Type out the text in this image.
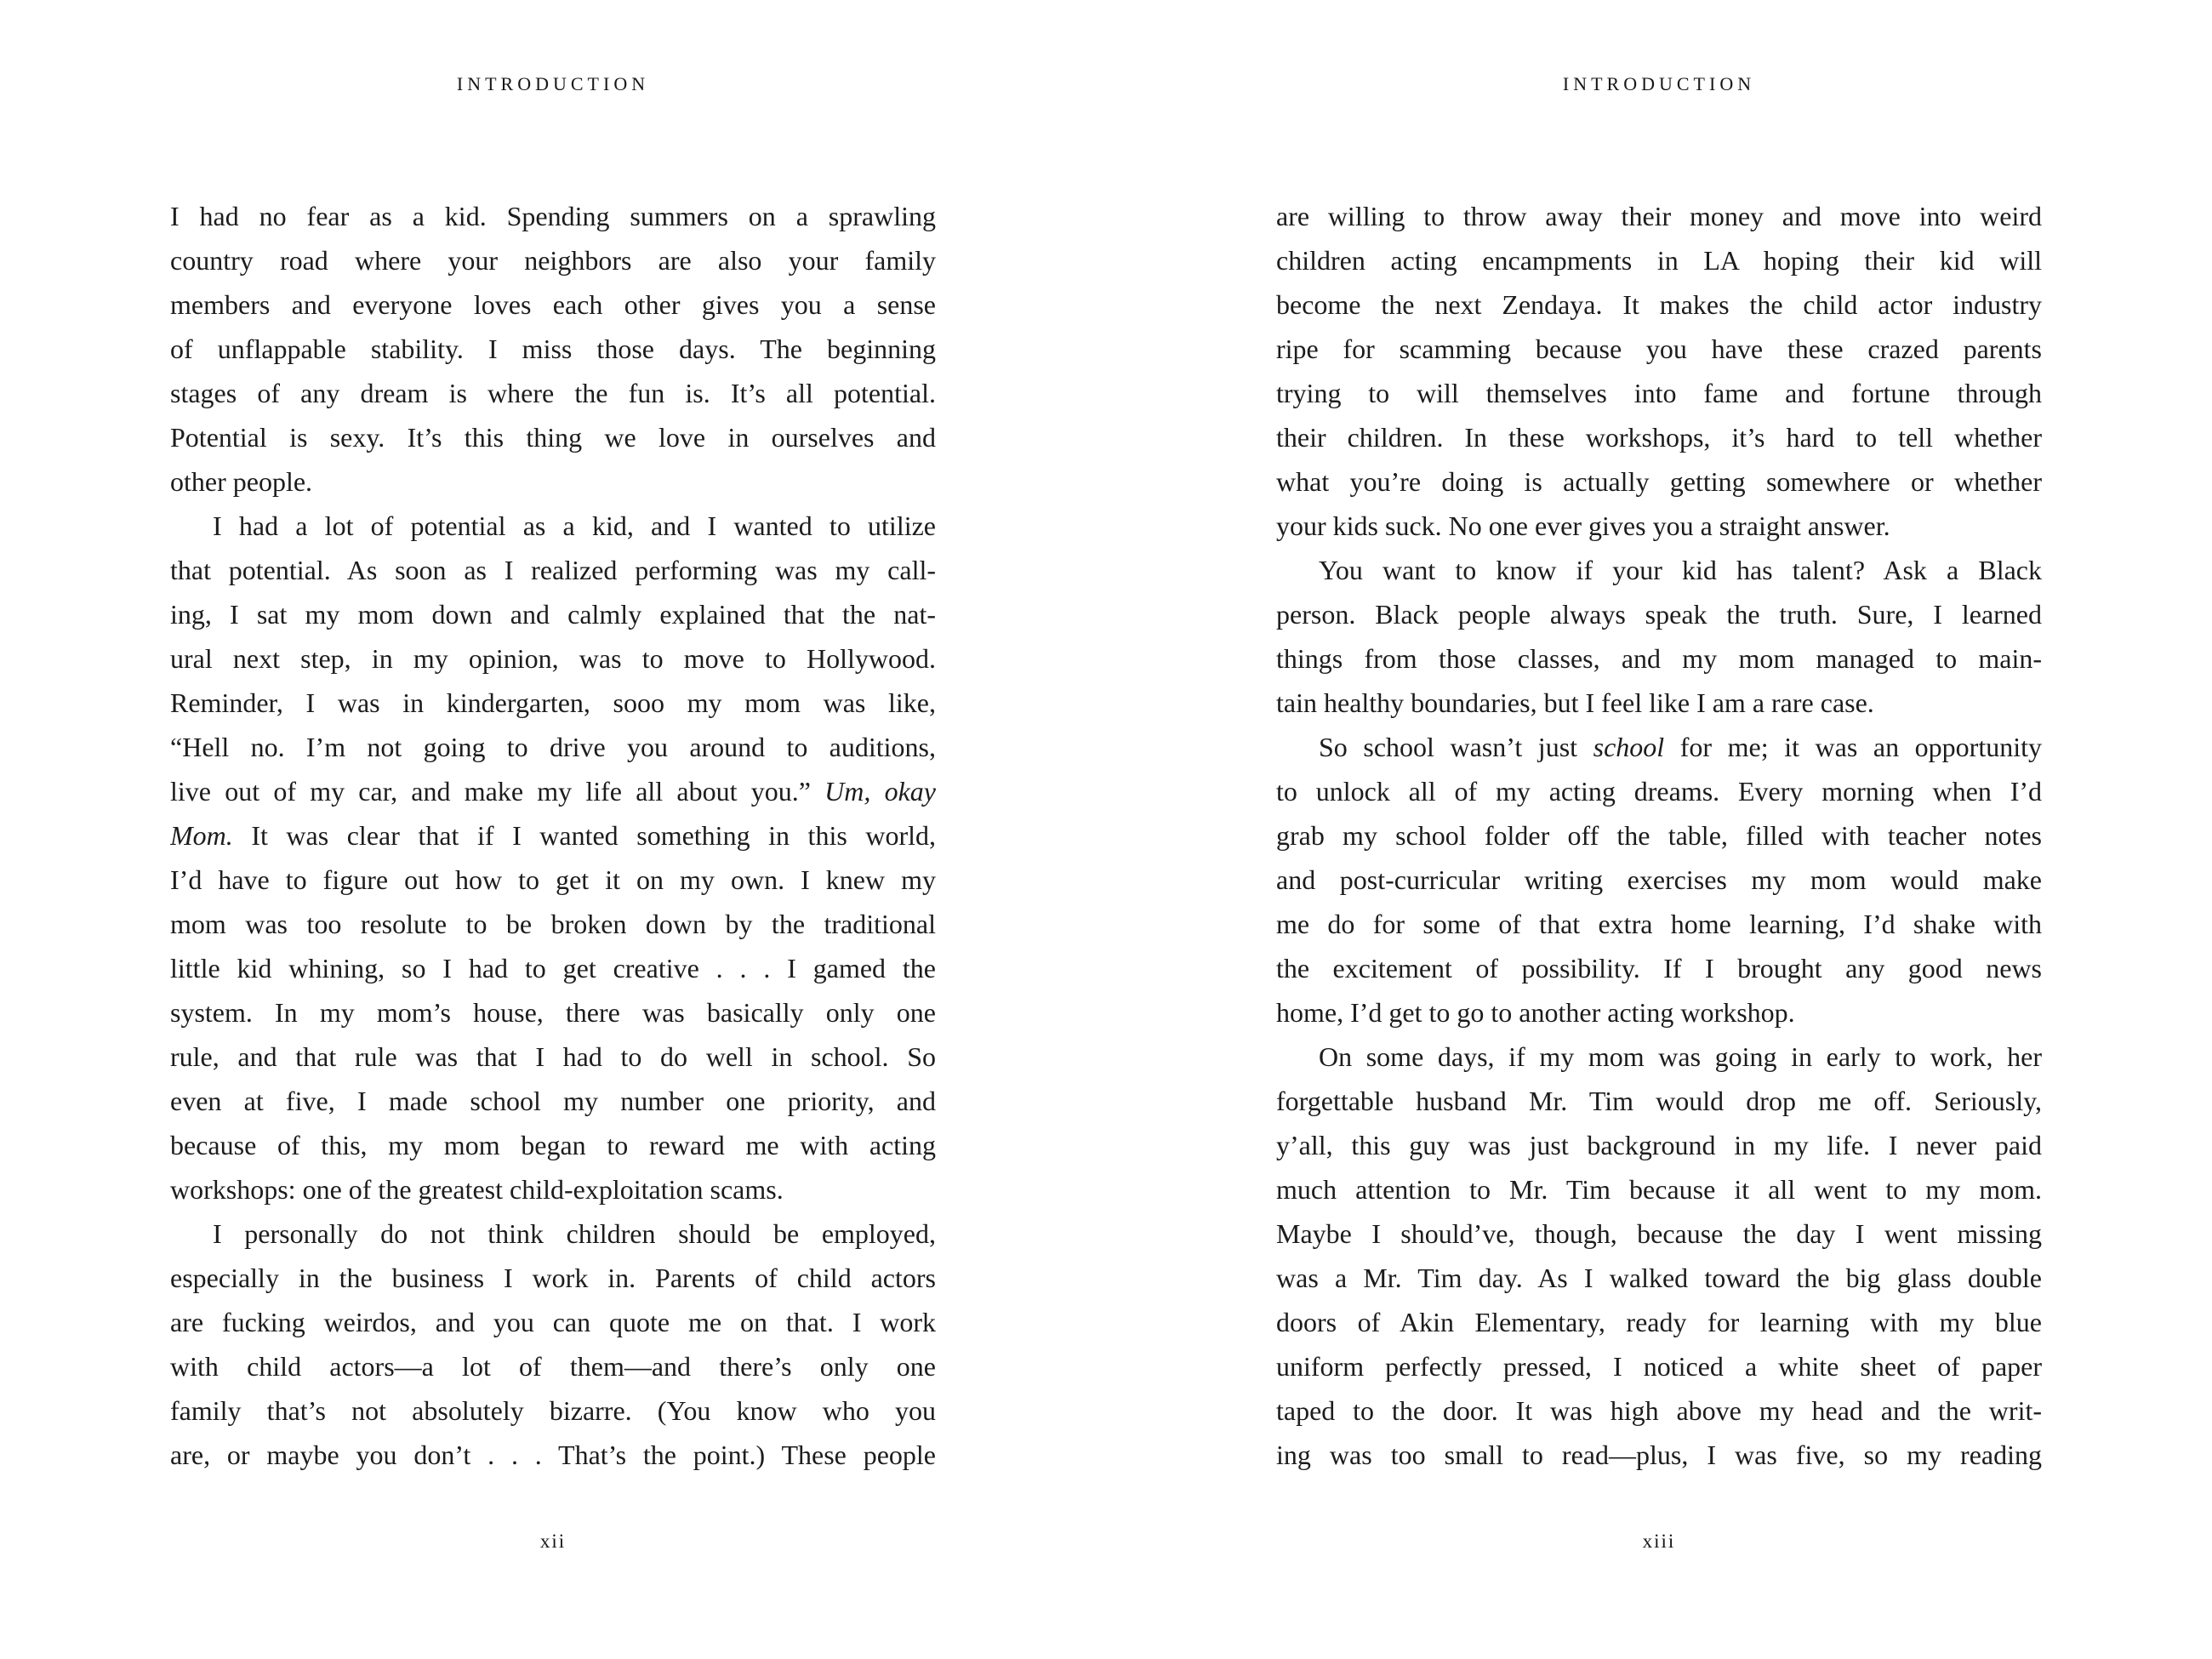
INTRODUCTION
I had no fear as a kid. Spending summers on a sprawling
country road where your neighbors are also your family
members and everyone loves each other gives you a sense
of unflappable stability. I miss those days. The beginning
stages of any dream is where the fun is. It’s all potential.
Potential is sexy. It’s this thing we love in ourselves and
other people.
I had a lot of potential as a kid, and I wanted to utilize
that potential. As soon as I realized performing was my call-
ing, I sat my mom down and calmly explained that the nat-
ural next step, in my opinion, was to move to Hollywood.
Reminder, I was in kindergarten, sooo my mom was like,
“Hell no. I’m not going to drive you around to auditions,
live out of my car, and make my life all about you.” Um, okay
Mom. It was clear that if I wanted something in this world,
I’d have to figure out how to get it on my own. I knew my
mom was too resolute to be broken down by the traditional
little kid whining, so I had to get creative . . . I gamed the
system. In my mom’s house, there was basically only one
rule, and that rule was that I had to do well in school. So
even at five, I made school my number one priority, and
because of this, my mom began to reward me with acting
workshops: one of the greatest child-exploitation scams.
I personally do not think children should be employed,
especially in the business I work in. Parents of child actors
are fucking weirdos, and you can quote me on that. I work
with child actors—a lot of them—and there’s only one
family that’s not absolutely bizarre. (You know who you
are, or maybe you don’t . . . That’s the point.) These people
xii
INTRODUCTION
are willing to throw away their money and move into weird
children acting encampments in LA hoping their kid will
become the next Zendaya. It makes the child actor industry
ripe for scamming because you have these crazed parents
trying to will themselves into fame and fortune through
their children. In these workshops, it’s hard to tell whether
what you’re doing is actually getting somewhere or whether
your kids suck. No one ever gives you a straight answer.
You want to know if your kid has talent? Ask a Black
person. Black people always speak the truth. Sure, I learned
things from those classes, and my mom managed to main-
tain healthy boundaries, but I feel like I am a rare case.
So school wasn’t just school for me; it was an opportunity
to unlock all of my acting dreams. Every morning when I’d
grab my school folder off the table, filled with teacher notes
and post-curricular writing exercises my mom would make
me do for some of that extra home learning, I’d shake with
the excitement of possibility. If I brought any good news
home, I’d get to go to another acting workshop.
On some days, if my mom was going in early to work, her
forgettable husband Mr. Tim would drop me off. Seriously,
y’all, this guy was just background in my life. I never paid
much attention to Mr. Tim because it all went to my mom.
Maybe I should’ve, though, because the day I went missing
was a Mr. Tim day. As I walked toward the big glass double
doors of Akin Elementary, ready for learning with my blue
uniform perfectly pressed, I noticed a white sheet of paper
taped to the door. It was high above my head and the writ-
ing was too small to read—plus, I was five, so my reading
xiii
